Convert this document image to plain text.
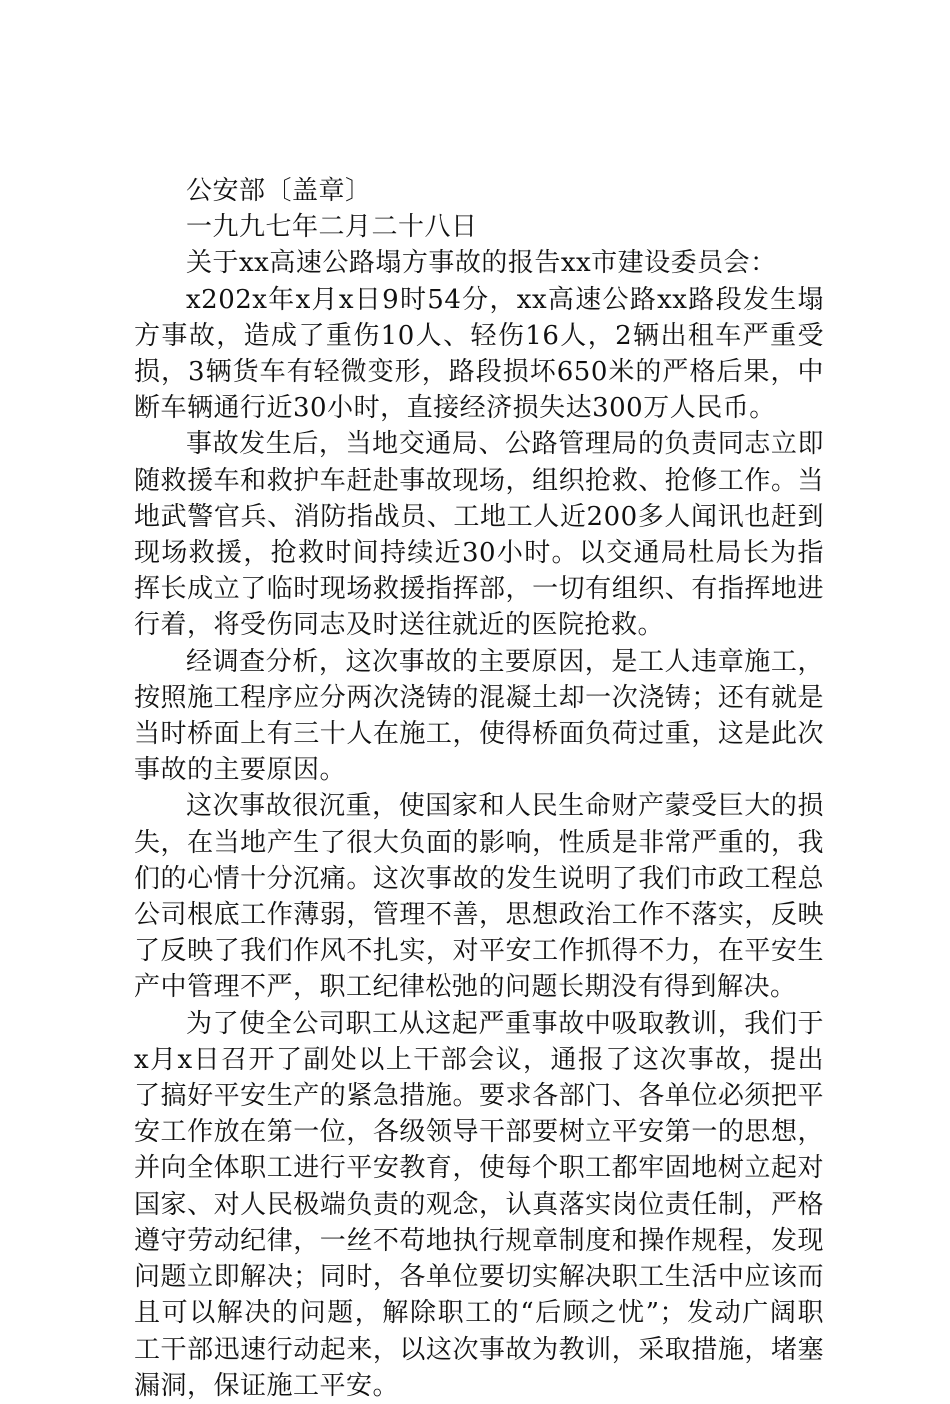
公安部〔盖章〕

一九九七年二月二十八日

关于xx高速公路塌方事故的报告xx市建设委员会：

x202x年x月x日9时54分，xx高速公路xx路段发生塌方事故，造成了重伤10人、轻伤16人，2辆出租车严重受损，3辆货车有轻微变形，路段损坏650米的严格后果，中断车辆通行近30小时，直接经济损失达300万人民币。

事故发生后，当地交通局、公路管理局的负责同志立即随救援车和救护车赶赴事故现场，组织抢救、抢修工作。当地武警官兵、消防指战员、工地工人近200多人闻讯也赶到现场救援，抢救时间持续近30小时。以交通局杜局长为指挥长成立了临时现场救援指挥部，一切有组织、有指挥地进行着，将受伤同志及时送往就近的医院抢救。

经调查分析，这次事故的主要原因，是工人违章施工，按照施工程序应分两次浇铸的混凝土却一次浇铸；还有就是当时桥面上有三十人在施工，使得桥面负荷过重，这是此次事故的主要原因。

这次事故很沉重，使国家和人民生命财产蒙受巨大的损失，在当地产生了很大负面的影响，性质是非常严重的，我们的心情十分沉痛。这次事故的发生说明了我们市政工程总公司根底工作薄弱，管理不善，思想政治工作不落实，反映了反映了我们作风不扎实，对平安工作抓得不力，在平安生产中管理不严，职工纪律松弛的问题长期没有得到解决。

为了使全公司职工从这起严重事故中吸取教训，我们于x月x日召开了副处以上干部会议，通报了这次事故，提出了搞好平安生产的紧急措施。要求各部门、各单位必须把平安工作放在第一位，各级领导干部要树立平安第一的思想，并向全体职工进行平安教育，使每个职工都牢固地树立起对国家、对人民极端负责的观念，认真落实岗位责任制，严格遵守劳动纪律，一丝不苟地执行规章制度和操作规程，发现问题立即解决；同时，各单位要切实解决职工生活中应该而且可以解决的问题，解除职工的“后顾之忧”；发动广阔职工干部迅速行动起来，以这次事故为教训，采取措施，堵塞漏洞，保证施工平安。
